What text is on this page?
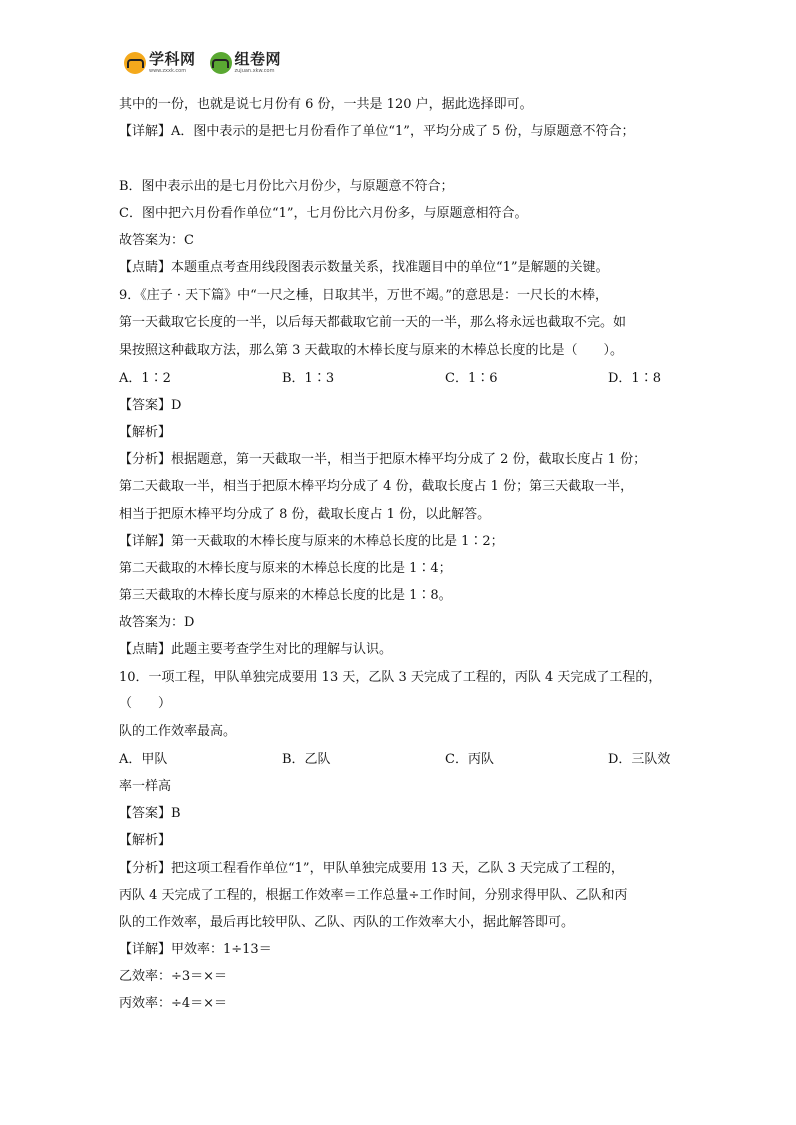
学科网
www.zxxk.com
组卷网
zujuan.xkw.com
其中的一份，也就是说七月份有 6 份，一共是 120 户，据此选择即可。
【详解】A．图中表示的是把七月份看作了单位“1”，平均分成了 5 份，与原题意不符合；
B．图中表示出的是七月份比六月份少，与原题意不符合；
C．图中把六月份看作单位“1”，七月份比六月份多，与原题意相符合。
故答案为：C
【点睛】本题重点考查用线段图表示数量关系，找准题目中的单位“1”是解题的关键。
9．《庄子 · 天下篇》中“一尺之棰，日取其半，万世不竭。”的意思是：一尺长的木棒，
第一天截取它长度的一半，以后每天都截取它前一天的一半，那么将永远也截取不完。如
果按照这种截取方法，那么第 3 天截取的木棒长度与原来的木棒总长度的比是（　　）。
A．1∶2	B．1∶3	C．1∶6	D．1∶8
【答案】D
【解析】
【分析】根据题意，第一天截取一半，相当于把原木棒平均分成了 2 份，截取长度占 1 份；
第二天截取一半，相当于把原木棒平均分成了 4 份，截取长度占 1 份；第三天截取一半，
相当于把原木棒平均分成了 8 份，截取长度占 1 份，以此解答。
【详解】第一天截取的木棒长度与原来的木棒总长度的比是 1∶2；
第二天截取的木棒长度与原来的木棒总长度的比是 1∶4；
第三天截取的木棒长度与原来的木棒总长度的比是 1∶8。
故答案为：D
【点睛】此题主要考查学生对比的理解与认识。
10．一项工程，甲队单独完成要用 13 天，乙队 3 天完成了工程的，丙队 4 天完成了工程的，
（　　）
队的工作效率最高。
A．甲队	B．乙队	C．丙队	D．三队效
率一样高
【答案】B
【解析】
【分析】把这项工程看作单位“1”，甲队单独完成要用 13 天，乙队 3 天完成了工程的，
丙队 4 天完成了工程的，根据工作效率＝工作总量÷工作时间，分别求得甲队、乙队和丙
队的工作效率，最后再比较甲队、乙队、丙队的工作效率大小，据此解答即可。
【详解】甲效率：1÷13＝
乙效率：÷3＝×＝
丙效率：÷4＝×＝
